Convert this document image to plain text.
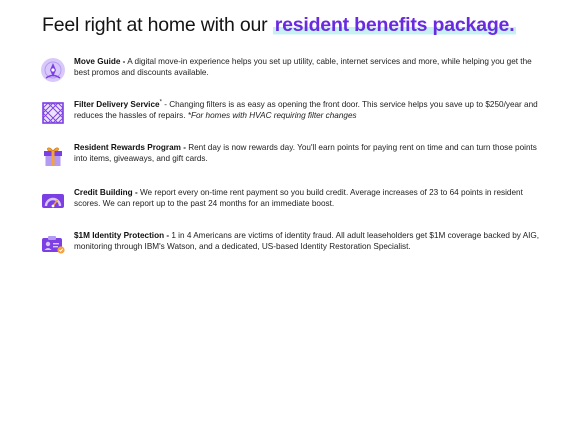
Feel right at home with our resident benefits package.
Move Guide - A digital move-in experience helps you set up utility, cable, internet services and more, while helping you get the best promos and discounts available.
Filter Delivery Service* - Changing filters is as easy as opening the front door. This service helps you save up to $250/year and reduces the hassles of repairs. *For homes with HVAC requiring filter changes
Resident Rewards Program - Rent day is now rewards day. You'll earn points for paying rent on time and can turn those points into items, giveaways, and gift cards.
Credit Building - We report every on-time rent payment so you build credit. Average increases of 23 to 64 points in resident scores. We can report up to the past 24 months for an immediate boost.
$1M Identity Protection - 1 in 4 Americans are victims of identity fraud. All adult leaseholders get $1M coverage backed by AIG, monitoring through IBM's Watson, and a dedicated, US-based Identity Restoration Specialist.
